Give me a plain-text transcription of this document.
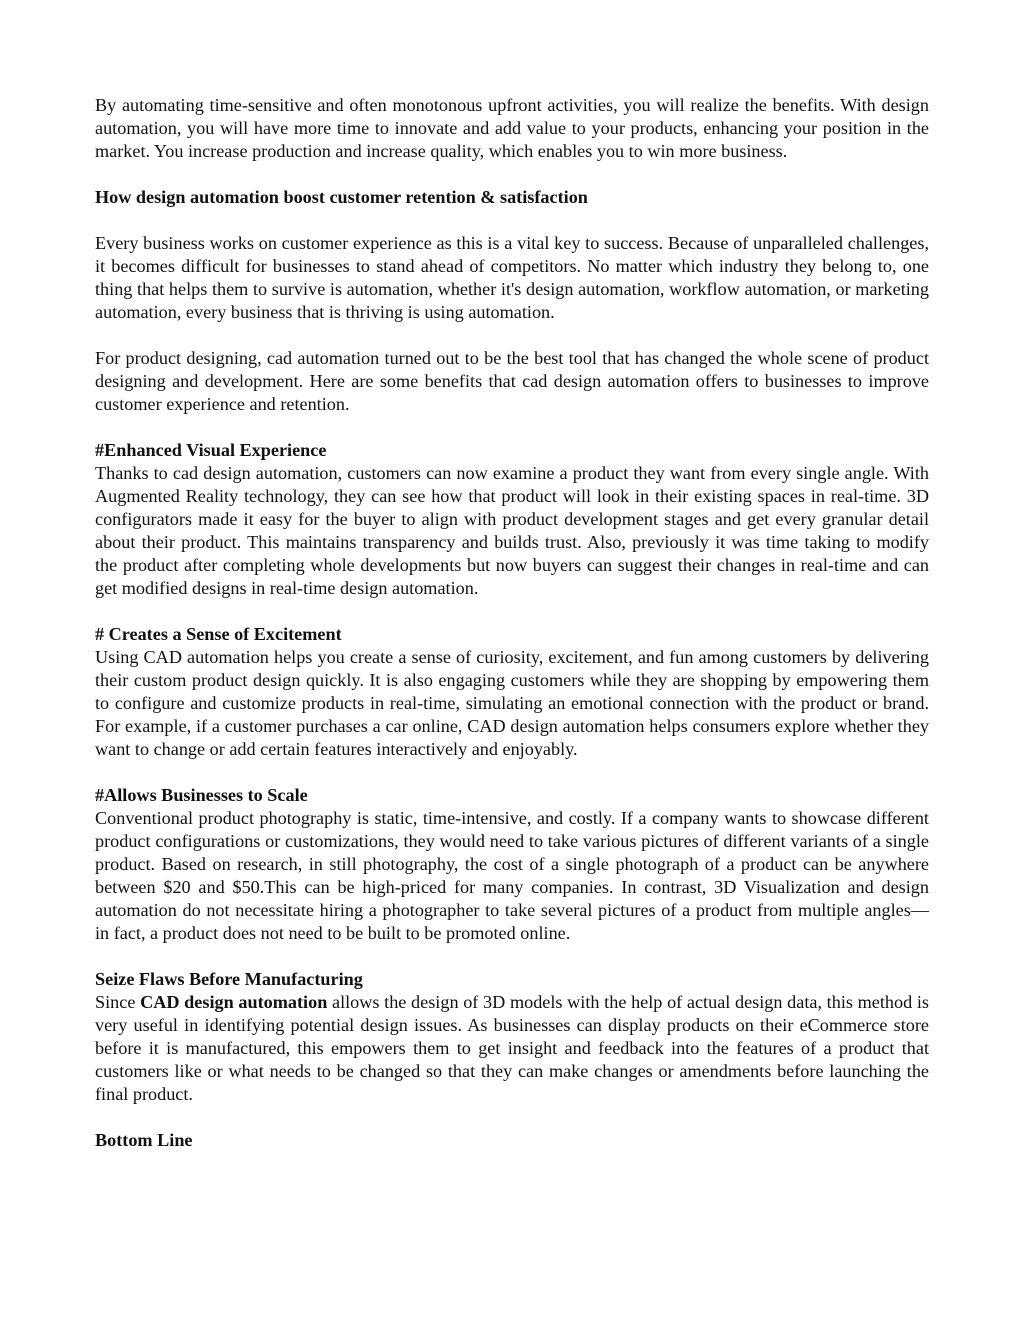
By automating time-sensitive and often monotonous upfront activities, you will realize the benefits. With design automation, you will have more time to innovate and add value to your products, enhancing your position in the market. You increase production and increase quality, which enables you to win more business.

How design automation boost customer retention & satisfaction

Every business works on customer experience as this is a vital key to success. Because of unparalleled challenges, it becomes difficult for businesses to stand ahead of competitors. No matter which industry they belong to, one thing that helps them to survive is automation, whether it's design automation, workflow automation, or marketing automation, every business that is thriving is using automation.

For product designing, cad automation turned out to be the best tool that has changed the whole scene of product designing and development. Here are some benefits that cad design automation offers to businesses to improve customer experience and retention.

#Enhanced Visual Experience

Thanks to cad design automation, customers can now examine a product they want from every single angle. With Augmented Reality technology, they can see how that product will look in their existing spaces in real-time. 3D configurators made it easy for the buyer to align with product development stages and get every granular detail about their product. This maintains transparency and builds trust. Also, previously it was time taking to modify the product after completing whole developments but now buyers can suggest their changes in real-time and can get modified designs in real-time design automation.

# Creates a Sense of Excitement

Using CAD automation helps you create a sense of curiosity, excitement, and fun among customers by delivering their custom product design quickly. It is also engaging customers while they are shopping by empowering them to configure and customize products in real-time, simulating an emotional connection with the product or brand.     For example, if a customer purchases a car online, CAD design automation helps consumers explore whether they want to change or add certain features interactively and enjoyably.

#Allows Businesses to Scale

Conventional product photography is static, time-intensive, and costly. If a company wants to showcase different product configurations or customizations, they would need to take various pictures of different variants of a single product. Based on research, in still photography, the cost of a single photograph of a product can be anywhere between $20 and $50.This can be high-priced for many companies. In contrast, 3D Visualization and design automation do not necessitate hiring a photographer to take several pictures of a product from multiple angles— in fact, a product does not need to be built to be promoted online.

Seize Flaws Before Manufacturing

Since CAD design automation allows the design of 3D models with the help of actual design data, this method is very useful in identifying potential design issues. As businesses can display products on their eCommerce store before it is manufactured, this empowers them to get insight and feedback into the features of a product that customers like or what needs to be changed so that they can make changes or amendments before launching the final product.

Bottom Line
